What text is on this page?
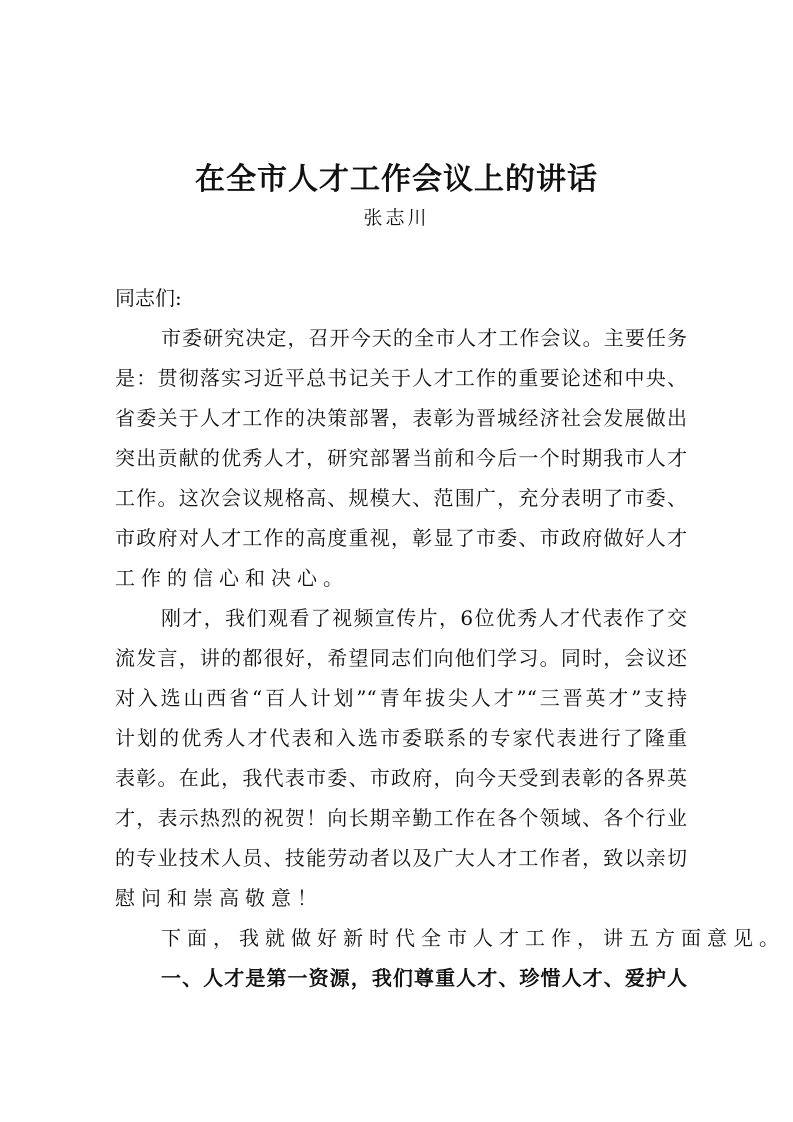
在全市人才工作会议上的讲话
张志川
同志们:
市委研究决定，召开今天的全市人才工作会议。主要任务
是：贯彻落实习近平总书记关于人才工作的重要论述和中央、
省委关于人才工作的决策部署，表彰为晋城经济社会发展做出
突出贡献的优秀人才，研究部署当前和今后一个时期我市人才
工作。这次会议规格高、规模大、范围广，充分表明了市委、
市政府对人才工作的高度重视，彰显了市委、市政府做好人才
工作的信心和决心。
刚才，我们观看了视频宣传片，6位优秀人才代表作了交
流发言，讲的都很好，希望同志们向他们学习。同时，会议还
对入选山西省“百人计划”“青年拔尖人才”“三晋英才”支持
计划的优秀人才代表和入选市委联系的专家代表进行了隆重
表彰。在此，我代表市委、市政府，向今天受到表彰的各界英
才，表示热烈的祝贺！向长期辛勤工作在各个领域、各个行业
的专业技术人员、技能劳动者以及广大人才工作者，致以亲切
慰问和崇高敬意！
下面，我就做好新时代全市人才工作，讲五方面意见。
一、人才是第一资源，我们尊重人才、珍惜人才、爱护人
